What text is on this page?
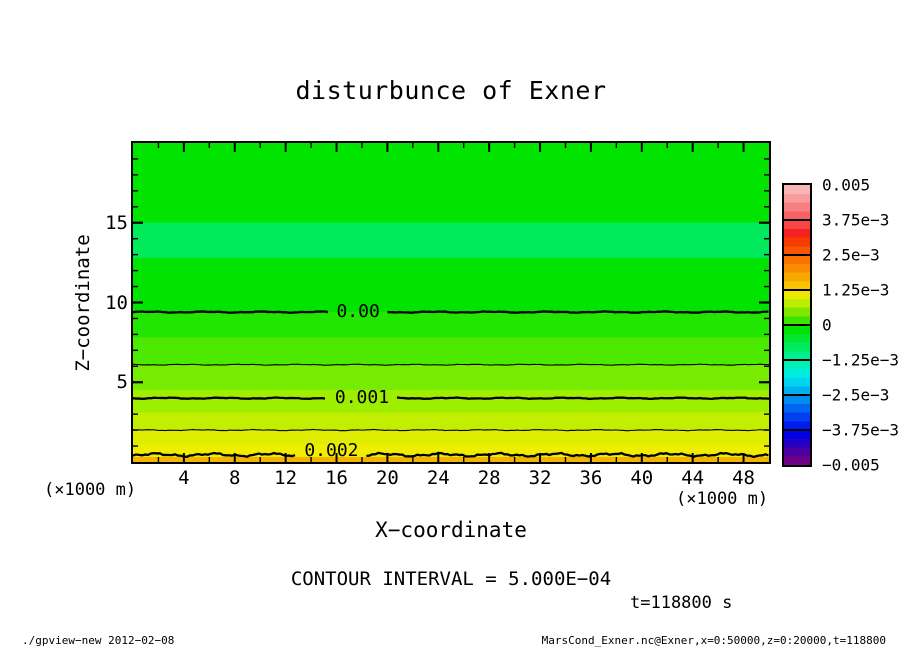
disturbunce of Exner
Z−coordinate
(×1000 m)	(×1000 m)
X−coordinate
CONTOUR INTERVAL = 5.000E−04
t=118800 s
./gpview−new 2012−02−08	MarsCond_Exner.nc@Exner,x=0:50000,z=0:20000,t=118800
0.00
0.001
0.002
4 8 12 16 20 24 28 32 36 40 44 48
5
10
15
0.005
3.75e−3
2.5e−3
1.25e−3
0
−1.25e−3
−2.5e−3
−3.75e−3
−0.005
